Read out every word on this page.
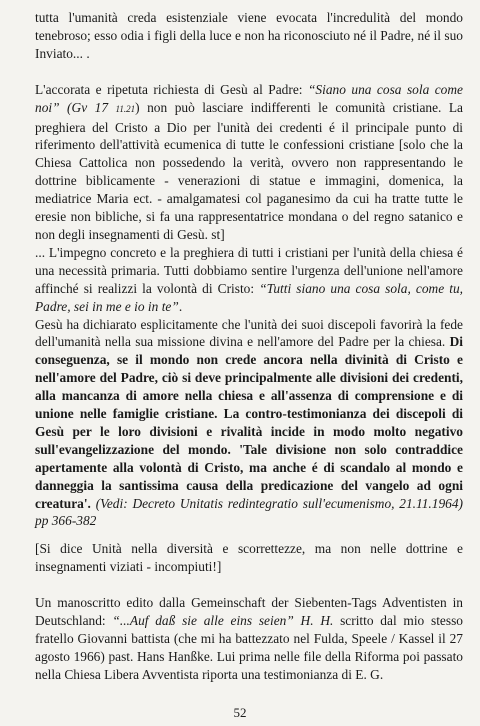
tutta l'umanità creda esistenziale viene evocata l'incredulità del mondo tenebroso; esso odia i figli della luce e non ha riconosciuto né il Padre, né il suo Inviato... .

L'accorata e ripetuta richiesta di Gesù al Padre: “Siano una cosa sola come noi” (Gv 17 11.21) non può lasciare indifferenti le comunità cristiane. La preghiera del Cristo a Dio per l'unità dei credenti é il principale punto di riferimento dell'attività ecumenica di tutte le confessioni cristiane [solo che la Chiesa Cattolica non possedendo la verità, ovvero non rappresentando le dottrine biblicamente - venerazioni di statue e immagini, domenica, la mediatrice Maria ect. - amalgamatesi col paganesimo da cui ha tratte tutte le eresie non bibliche, si fa una rappresentatrice mondana o del regno satanico e non degli insegnamenti di Gesù. st]

... L'impegno concreto e la preghiera di tutti i cristiani per l'unità della chiesa é una necessità primaria. Tutti dobbiamo sentire l'urgenza dell'unione nell'amore affinché si realizzi la volontà di Cristo: “Tutti siano una cosa sola, come tu, Padre, sei in me e io in te”.

Gesù ha dichiarato esplicitamente che l'unità dei suoi discepoli favorirà la fede dell'umanità nella sua missione divina e nell'amore del Padre per la chiesa. Di conseguenza, se il mondo non crede ancora nella divinità di Cristo e nell'amore del Padre, ciò si deve principalmente alle divisioni dei credenti, alla mancanza di amore nella chiesa e all'assenza di comprensione e di unione nelle famiglie cristiane. La contro-testimonianza dei discepoli di Gesù per le loro divisioni e rivalità incide in modo molto negativo sull'evangelizzazione del mondo. 'Tale divisione non solo contraddice apertamente alla volontà di Cristo, ma anche é di scandalo al mondo e danneggia la santissima causa della predicazione del vangelo ad ogni creatura'. (Vedi: Decreto Unitatis redintegratio sull'ecumenismo, 21.11.1964) pp 366-382

[Si dice Unità nella diversità e scorrettezze, ma non nelle dottrine e insegnamenti viziati - incompiuti!]

Un manoscritto edito dalla Gemeinschaft der Siebenten-Tags Adventisten in Deutschland: “...Auf daß sie alle eins seien” H. H. scritto dal mio stesso fratello Giovanni battista (che mi ha battezzato nel Fulda, Speele / Kassel il 27 agosto 1966) past. Hans Hanßke. Lui prima nelle file della Riforma poi passato nella Chiesa Libera Avventista riporta una testimonianza di E. G.

52
